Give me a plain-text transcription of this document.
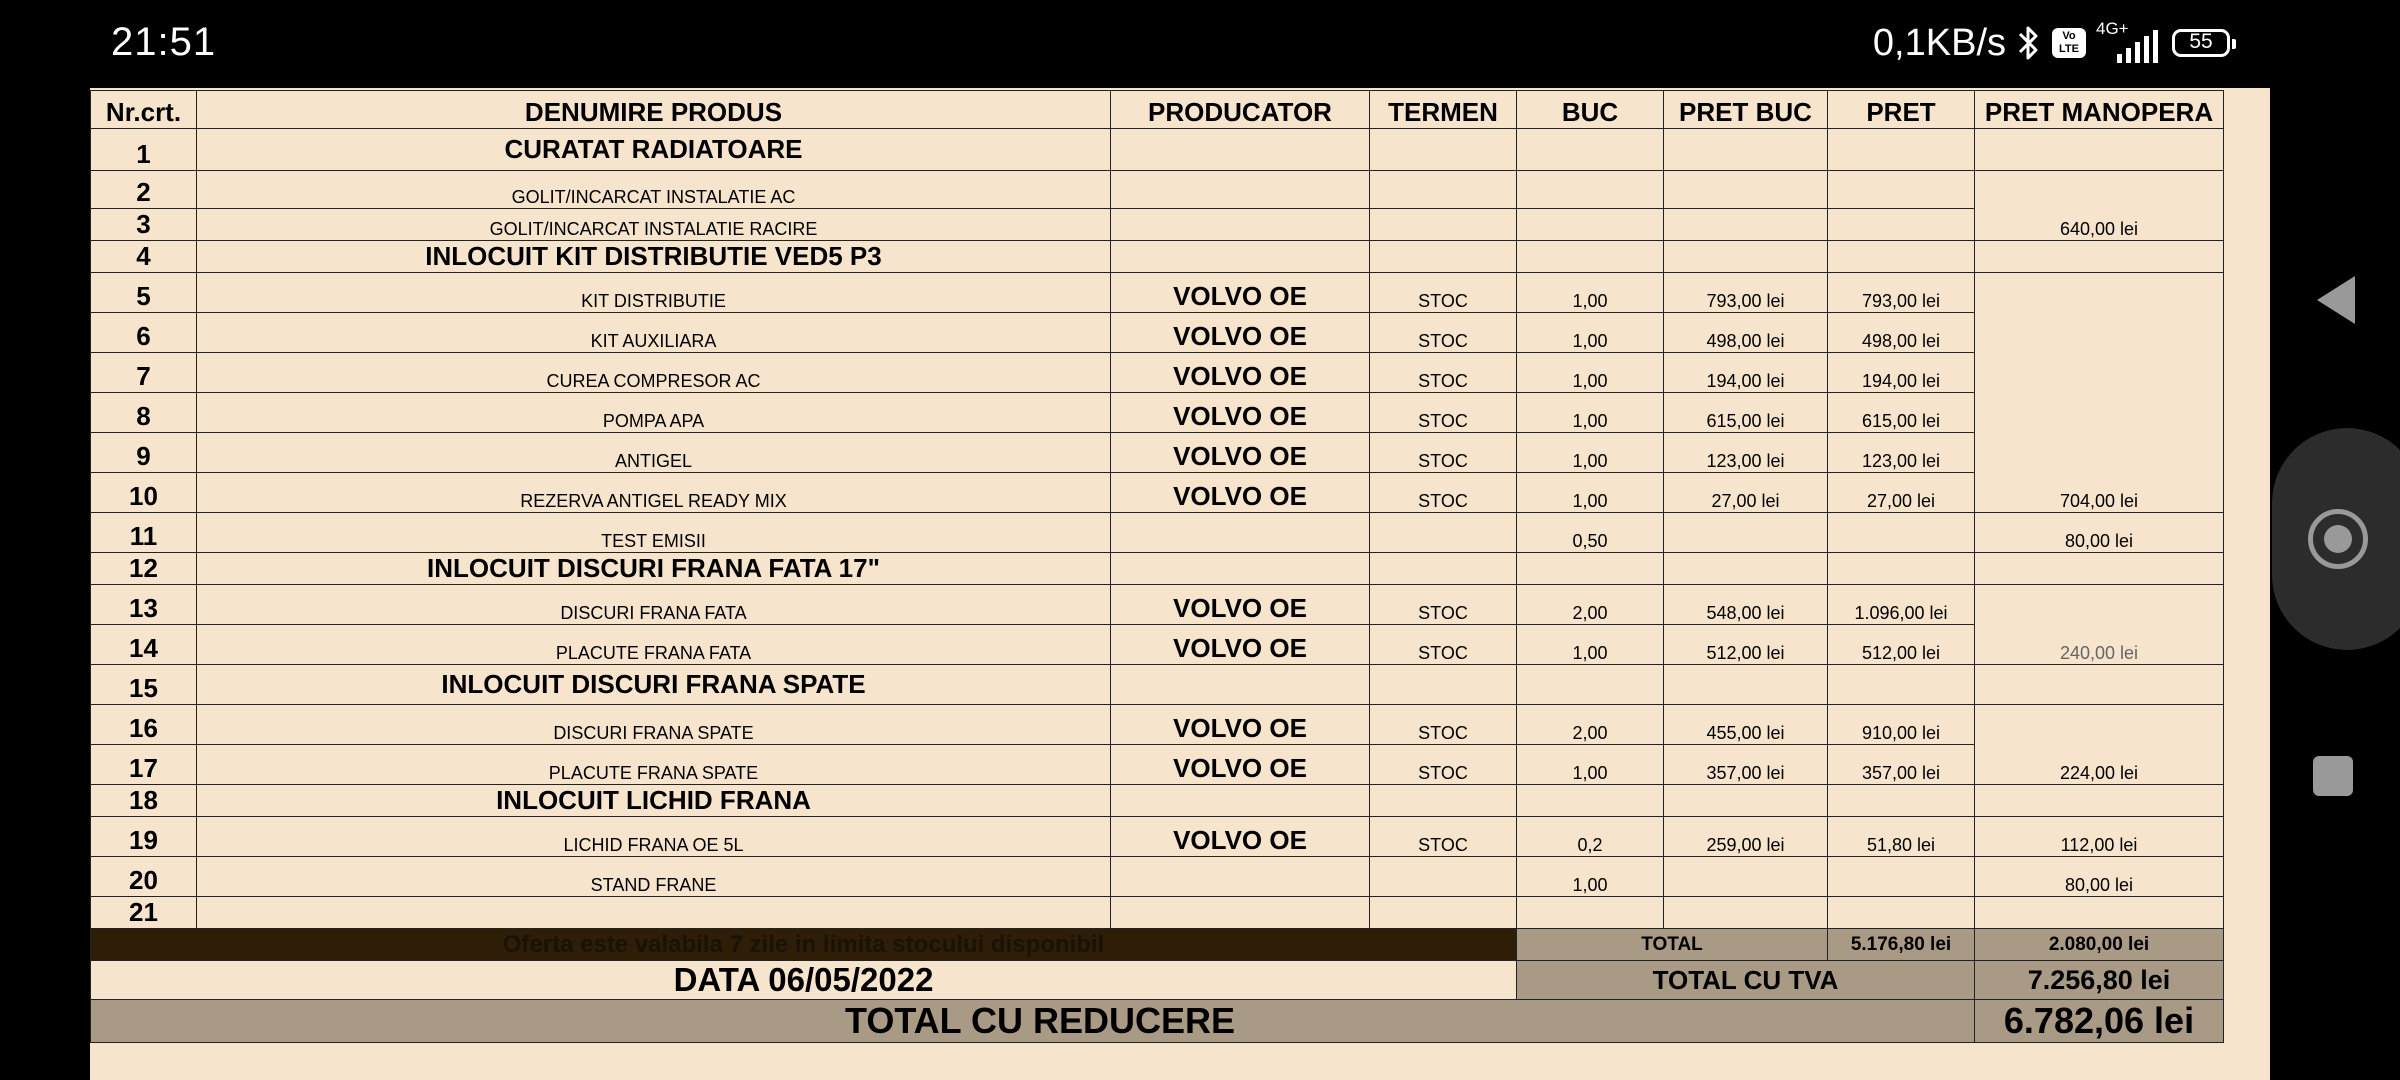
21:51	0,1KB/s	Vo
LTE
4G+
55
Nr.crt.	DENUMIRE PRODUS	PRODUCATOR	TERMEN	BUC	PRET BUC	PRET	PRET MANOPERA
1	CURATAT RADIATOARE						
2	GOLIT/INCARCAT INSTALATIE AC						640,00 lei
3	GOLIT/INCARCAT INSTALATIE RACIRE						
4	INLOCUIT KIT DISTRIBUTIE VED5 P3						
5	KIT DISTRIBUTIE	VOLVO OE	STOC	1,00	793,00 lei	793,00 lei	704,00 lei
6	KIT AUXILIARA	VOLVO OE	STOC	1,00	498,00 lei	498,00 lei	
7	CUREA COMPRESOR AC	VOLVO OE	STOC	1,00	194,00 lei	194,00 lei	
8	POMPA APA	VOLVO OE	STOC	1,00	615,00 lei	615,00 lei	
9	ANTIGEL	VOLVO OE	STOC	1,00	123,00 lei	123,00 lei	
10	REZERVA ANTIGEL READY MIX	VOLVO OE	STOC	1,00	27,00 lei	27,00 lei	
11	TEST EMISII			0,50			80,00 lei
12	INLOCUIT DISCURI FRANA FATA 17"						
13	DISCURI FRANA FATA	VOLVO OE	STOC	2,00	548,00 lei	1.096,00 lei	240,00 lei
14	PLACUTE FRANA FATA	VOLVO OE	STOC	1,00	512,00 lei	512,00 lei	
15	INLOCUIT DISCURI FRANA SPATE						
16	DISCURI FRANA SPATE	VOLVO OE	STOC	2,00	455,00 lei	910,00 lei	224,00 lei
17	PLACUTE FRANA SPATE	VOLVO OE	STOC	1,00	357,00 lei	357,00 lei	
18	INLOCUIT LICHID FRANA						
19	LICHID FRANA OE 5L	VOLVO OE	STOC	0,2	259,00 lei	51,80 lei	112,00 lei
20	STAND FRANE			1,00			80,00 lei
21							
Oferta este valabila 7 zile in limita stocului disponibil				TOTAL		5.176,80 lei	2.080,00 lei
DATA 06/05/2022				TOTAL CU TVA			7.256,80 lei
TOTAL CU REDUCERE							6.782,06 lei
